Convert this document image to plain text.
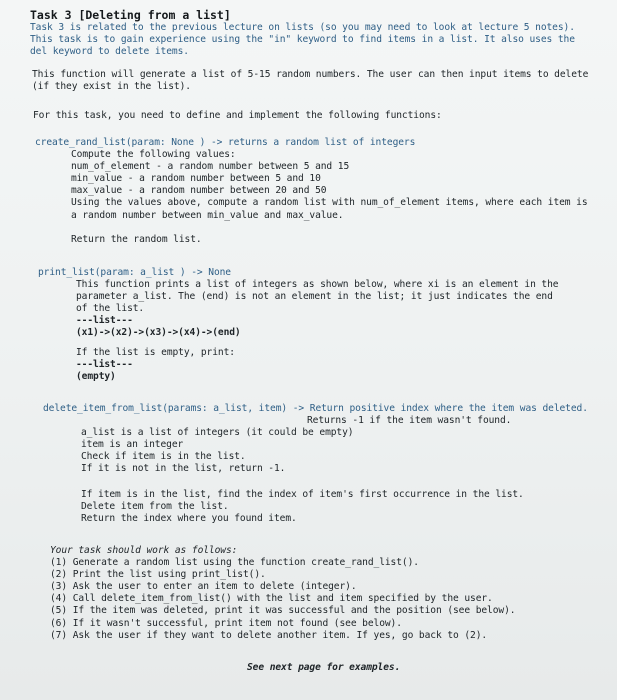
Task 3 [Deleting from a list]
Task 3 is related to the previous lecture on lists (so you may need to look at lecture 5 notes).
This task is to gain experience using the "in" keyword to find items in a list. It also uses the
del keyword to delete items.
This function will generate a list of 5-15 random numbers. The user can then input items to delete
(if they exist in the list).
For this task, you need to define and implement the following functions:
create_rand_list(param: None ) -> returns a random list of integers
Compute the following values:
num_of_element - a random number between 5 and 15
min_value - a random number between 5 and 10
max_value - a random number between 20 and 50
Using the values above, compute a random list with num_of_element items, where each item is
a random number between min_value and max_value.
Return the random list.
print_list(param: a_list ) -> None
This function prints a list of integers as shown below, where xi is an element in the
parameter a_list. The (end) is not an element in the list; it just indicates the end
of the list.
---list---
(x1)->(x2)->(x3)->(x4)->(end)
If the list is empty, print:
---list---
(empty)
delete_item_from_list(params: a_list, item) -> Return positive index where the item was deleted.
Returns -1 if the item wasn't found.
a_list is a list of integers (it could be empty)
item is an integer
Check if item is in the list.
If it is not in the list, return -1.
If item is in the list, find the index of item's first occurrence in the list.
Delete item from the list.
Return the index where you found item.
Your task should work as follows:
(1) Generate a random list using the function create_rand_list().
(2) Print the list using print_list().
(3) Ask the user to enter an item to delete (integer).
(4) Call delete_item_from_list() with the list and item specified by the user.
(5) If the item was deleted, print it was successful and the position (see below).
(6) If it wasn't successful, print item not found (see below).
(7) Ask the user if they want to delete another item. If yes, go back to (2).
See next page for examples.
